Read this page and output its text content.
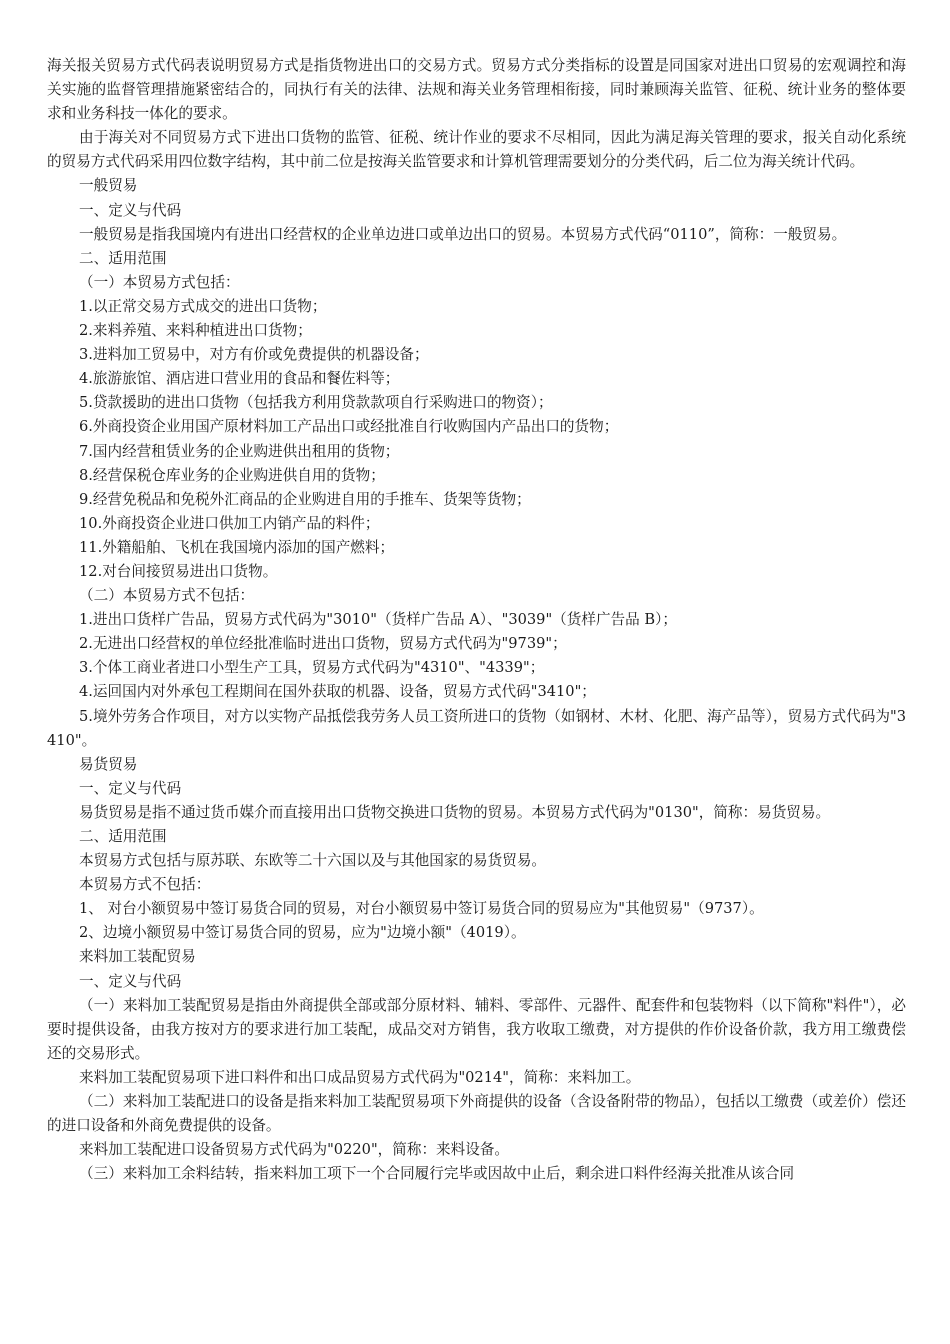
海关报关贸易方式代码表说明贸易方式是指货物进出口的交易方式。贸易方式分类指标的设置是同国家对进出口贸易的宏观调控和海关实施的监督管理措施紧密结合的，同执行有关的法律、法规和海关业务管理相衔接，同时兼顾海关监管、征税、统计业务的整体要求和业务科技一体化的要求。

由于海关对不同贸易方式下进出口货物的监管、征税、统计作业的要求不尽相同，因此为满足海关管理的要求，报关自动化系统的贸易方式代码采用四位数字结构，其中前二位是按海关监管要求和计算机管理需要划分的分类代码，后二位为海关统计代码。

一般贸易

一、定义与代码

一般贸易是指我国境内有进出口经营权的企业单边进口或单边出口的贸易。本贸易方式代码“0110”，简称：一般贸易。

二、适用范围

（一）本贸易方式包括：

1.以正常交易方式成交的进出口货物；

2.来料养殖、来料种植进出口货物；

3.进料加工贸易中，对方有价或免费提供的机器设备；

4.旅游旅馆、酒店进口营业用的食品和餐佐料等；

5.贷款援助的进出口货物（包括我方利用贷款款项自行采购进口的物资）；

6.外商投资企业用国产原材料加工产品出口或经批准自行收购国内产品出口的货物；

7.国内经营租赁业务的企业购进供出租用的货物；

8.经营保税仓库业务的企业购进供自用的货物；

9.经营免税品和免税外汇商品的企业购进自用的手推车、货架等货物；

10.外商投资企业进口供加工内销产品的料件；

11.外籍船舶、飞机在我国境内添加的国产燃料；

12.对台间接贸易进出口货物。

（二）本贸易方式不包括：

1.进出口货样广告品，贸易方式代码为"3010"（货样广告品 A）、"3039"（货样广告品 B）；

2.无进出口经营权的单位经批准临时进出口货物，贸易方式代码为"9739"；

3.个体工商业者进口小型生产工具，贸易方式代码为"4310"、"4339"；

4.运回国内对外承包工程期间在国外获取的机器、设备，贸易方式代码"3410"；

5.境外劳务合作项目，对方以实物产品抵偿我劳务人员工资所进口的货物（如钢材、木材、化肥、海产品等），贸易方式代码为"3410"。

易货贸易

一、定义与代码

易货贸易是指不通过货币媒介而直接用出口货物交换进口货物的贸易。本贸易方式代码为"0130"，简称：易货贸易。

二、适用范围

本贸易方式包括与原苏联、东欧等二十六国以及与其他国家的易货贸易。

本贸易方式不包括：

1、 对台小额贸易中签订易货合同的贸易，对台小额贸易中签订易货合同的贸易应为"其他贸易"（9737）。

2、边境小额贸易中签订易货合同的贸易，应为"边境小额"（4019）。

来料加工装配贸易

一、定义与代码

（一）来料加工装配贸易是指由外商提供全部或部分原材料、辅料、零部件、元器件、配套件和包装物料（以下简称"料件"），必要时提供设备，由我方按对方的要求进行加工装配，成品交对方销售，我方收取工缴费，对方提供的作价设备价款，我方用工缴费偿还的交易形式。

来料加工装配贸易项下进口料件和出口成品贸易方式代码为"0214"，简称：来料加工。

（二）来料加工装配进口的设备是指来料加工装配贸易项下外商提供的设备（含设备附带的物品），包括以工缴费（或差价）偿还的进口设备和外商免费提供的设备。

来料加工装配进口设备贸易方式代码为"0220"，简称：来料设备。

（三）来料加工余料结转，指来料加工项下一个合同履行完毕或因故中止后，剩余进口料件经海关批准从该合同
